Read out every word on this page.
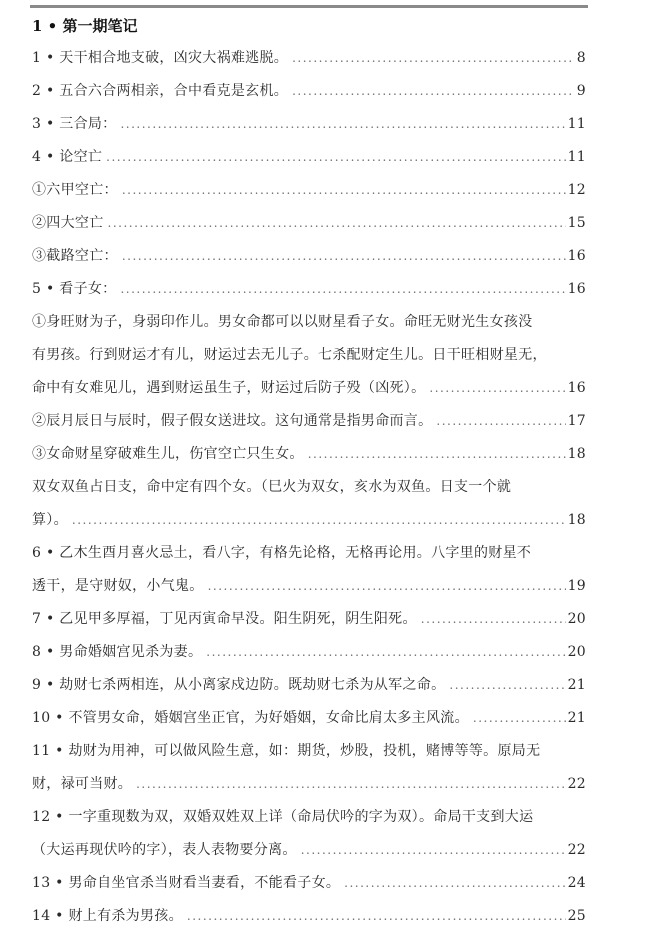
1 • 第一期笔记
1 • 天干相合地支破，凶灾大祸难逃脱。 .....	8
2 • 五合六合两相亲，合中看克是玄机。 .....	9
3 • 三合局： .....	11
4 • 论空亡 .....	11
①六甲空亡： .....	12
②四大空亡 .....	15
③截路空亡： .....	16
5 • 看子女： .....	16
①身旺财为子，身弱印作儿。男女命都可以以财星看子女。命旺无财光生女孩没
有男孩。行到财运才有儿，财运过去无儿子。七杀配财定生儿。日干旺相财星无，
命中有女难见儿，遇到财运虽生子，财运过后防子殁（凶死）。 .....	16
②辰月辰日与辰时，假子假女送进坟。这句通常是指男命而言。 .....	17
③女命财星穿破难生儿，伤官空亡只生女。 .....	18
双女双鱼占日支，命中定有四个女。（巳火为双女，亥水为双鱼。日支一个就
算）。 .....	18
6 • 乙木生酉月喜火忌土，看八字，有格先论格，无格再论用。八字里的财星不
透干，是守财奴，小气鬼。 .....	19
7 • 乙见甲多厚福，丁见丙寅命早没。阳生阴死，阴生阳死。 .....	20
8 • 男命婚姻宫见杀为妻。 .....	20
9 • 劫财七杀两相连，从小离家戍边防。既劫财七杀为从军之命。 .....	21
10 • 不管男女命，婚姻宫坐正官，为好婚姻，女命比肩太多主风流。 .....	21
11 • 劫财为用神，可以做风险生意，如：期货，炒股，投机，赌博等等。原局无
财，禄可当财。 .....	22
12 • 一字重现数为双，双婚双姓双上详（命局伏吟的字为双）。命局干支到大运
（大运再现伏吟的字），表人表物要分离。 .....	22
13 • 男命自坐官杀当财看当妻看，不能看子女。 .....	24
14 • 财上有杀为男孩。 .....	25
